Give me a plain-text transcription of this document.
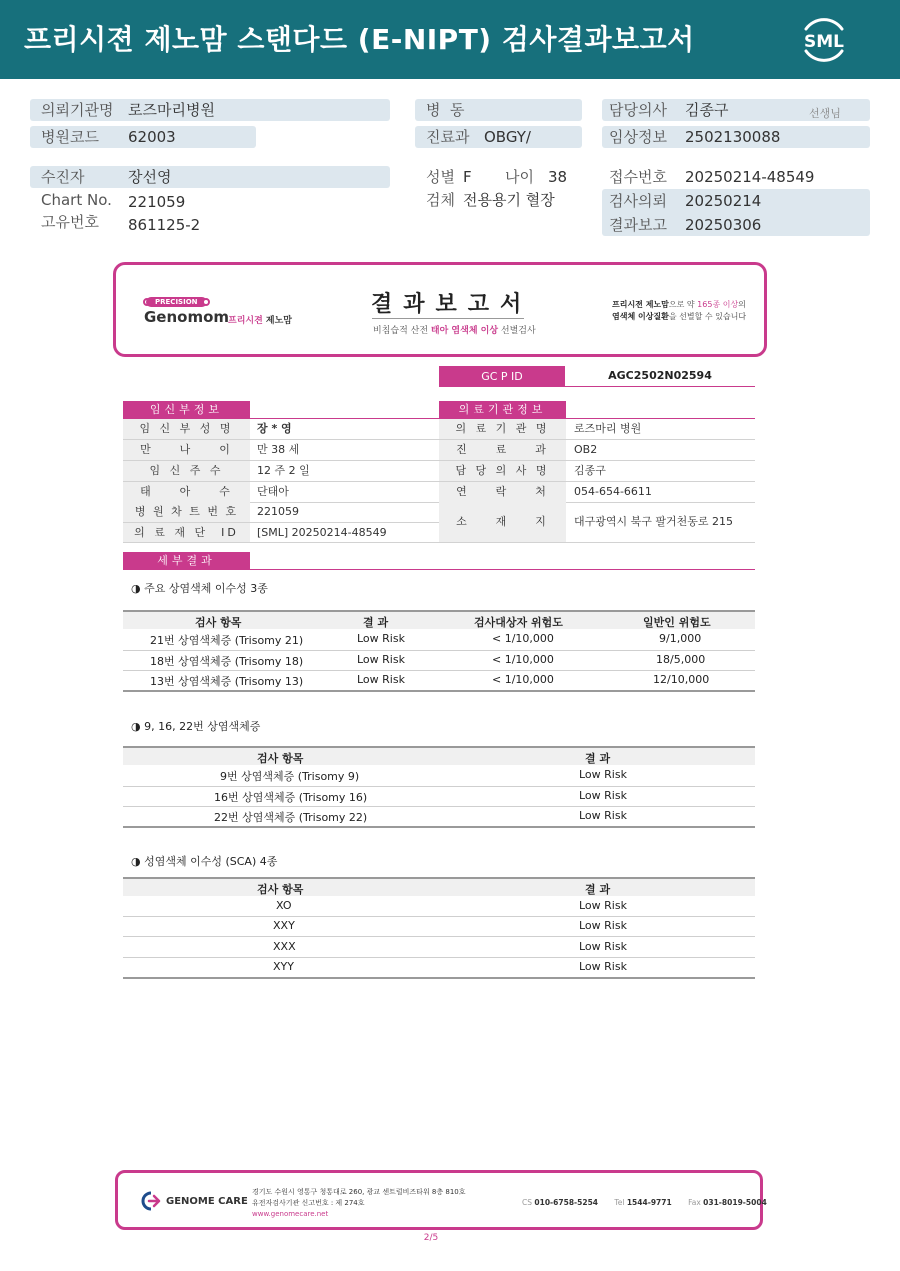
프리시젼 제노맘 스탠다드 (E-NIPT) 검사결과보고서	SML
의뢰기관명 로즈마리병원
병원코드 62003
병  동
진료과 OBGY/
담당의사 김종구	선생님
임상정보 2502130088
수진자	장선영
Chart No. 221059
고유번호 861125-2
성별 F 나이 38
검체 전용용기 혈장
접수번호 20250214-48549
검사의뢰 20250214
결과보고 20250306
PRECISION
Genomom
프리시젼 제노맘
결과보고서
비침습적 산전 태아 염색체 이상 선별검사
프리시젼 제노맘으로 약 165종 이상의
염색체 이상질환을 선별할 수 있습니다
GC P ID	AGC2502N02594
임신부정보	의료기관정보
임 신 부 성 명	장 * 영
만    나    이	만 38 세
임 신 주 수	12 주 2 일
태    아    수	단태아
병 원 차 트 번 호	221059
의 료 재 단  ID	[SML] 20250214-48549
의 료 기 관 명	로즈마리 병원
진    료    과	OB2
담 당 의 사 명	김종구
연    락    처	054-654-6611
소    재    지	대구광역시 북구 팔거천동로 215
세부결과
◑ 주요 상염색체 이수성 3종
검사 항목	결 과	검사대상자 위험도	일반인 위험도
21번 상염색체증 (Trisomy 21)	Low Risk	< 1/10,000	9/1,000
18번 상염색체증 (Trisomy 18)	Low Risk	< 1/10,000	18/5,000
13번 상염색체증 (Trisomy 13)	Low Risk	< 1/10,000	12/10,000
◑ 9, 16, 22번 상염색체증
검사 항목	결 과
9번 상염색체증 (Trisomy 9)	Low Risk
16번 상염색체증 (Trisomy 16)	Low Risk
22번 상염색체증 (Trisomy 22)	Low Risk
◑ 성염색체 이수성 (SCA) 4종
검사 항목	결 과
XO	Low Risk
XXY	Low Risk
XXX	Low Risk
XYY	Low Risk
GENOME CARE
경기도 수원시 영통구 청통대로 260, 광교 센트럴비즈타워 8층 810호
유전자검사기관 신고번호 : 제 274호
www.genomecare.net
CS 010-6758-5254 Tel 1544-9771 Fax 031-8019-5004
2/5
